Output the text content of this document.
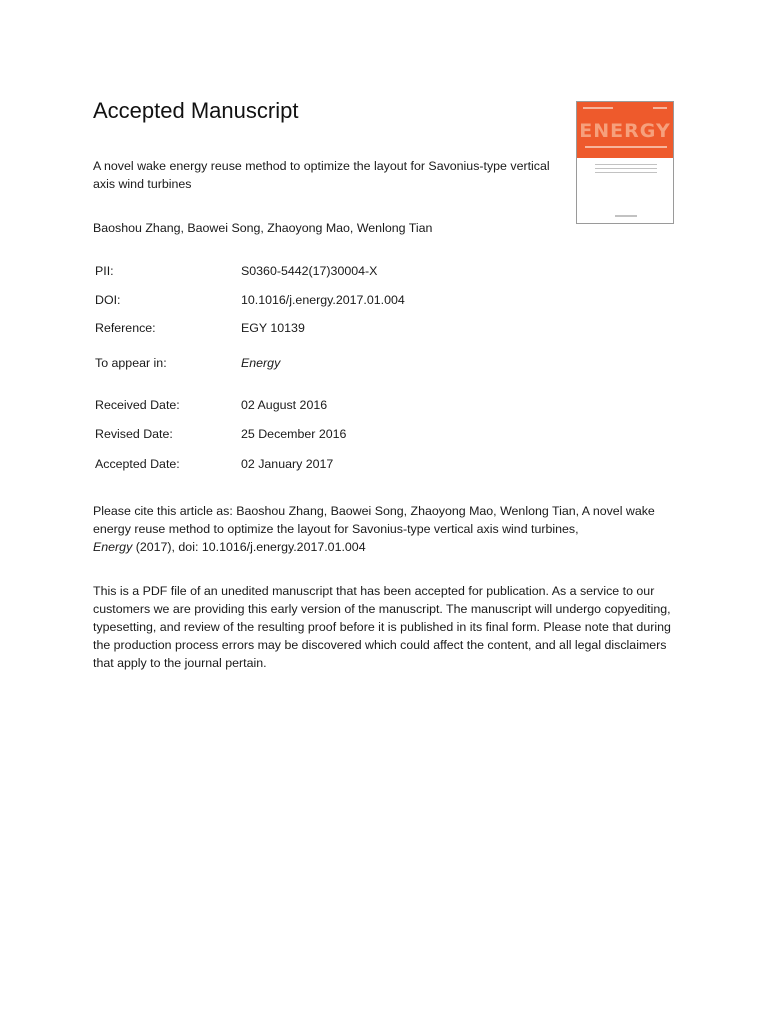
Accepted Manuscript
ENERGY

A novel wake energy reuse method to optimize the layout for Savonius-type vertical axis wind turbines

Baoshou Zhang, Baowei Song, Zhaoyong Mao, Wenlong Tian
PII:	S0360-5442(17)30004-X
DOI:	10.1016/j.energy.2017.01.004
Reference:	EGY 10139
To appear in:	Energy
Received Date:	02 August 2016
Revised Date:	25 December 2016
Accepted Date:	02 January 2017

Please cite this article as: Baoshou Zhang, Baowei Song, Zhaoyong Mao, Wenlong Tian, A novel wake energy reuse method to optimize the layout for Savonius-type vertical axis wind turbines,
Energy (2017), doi: 10.1016/j.energy.2017.01.004

This is a PDF file of an unedited manuscript that has been accepted for publication. As a service to our customers we are providing this early version of the manuscript. The manuscript will undergo copyediting, typesetting, and review of the resulting proof before it is published in its final form. Please note that during the production process errors may be discovered which could affect the content, and all legal disclaimers that apply to the journal pertain.
